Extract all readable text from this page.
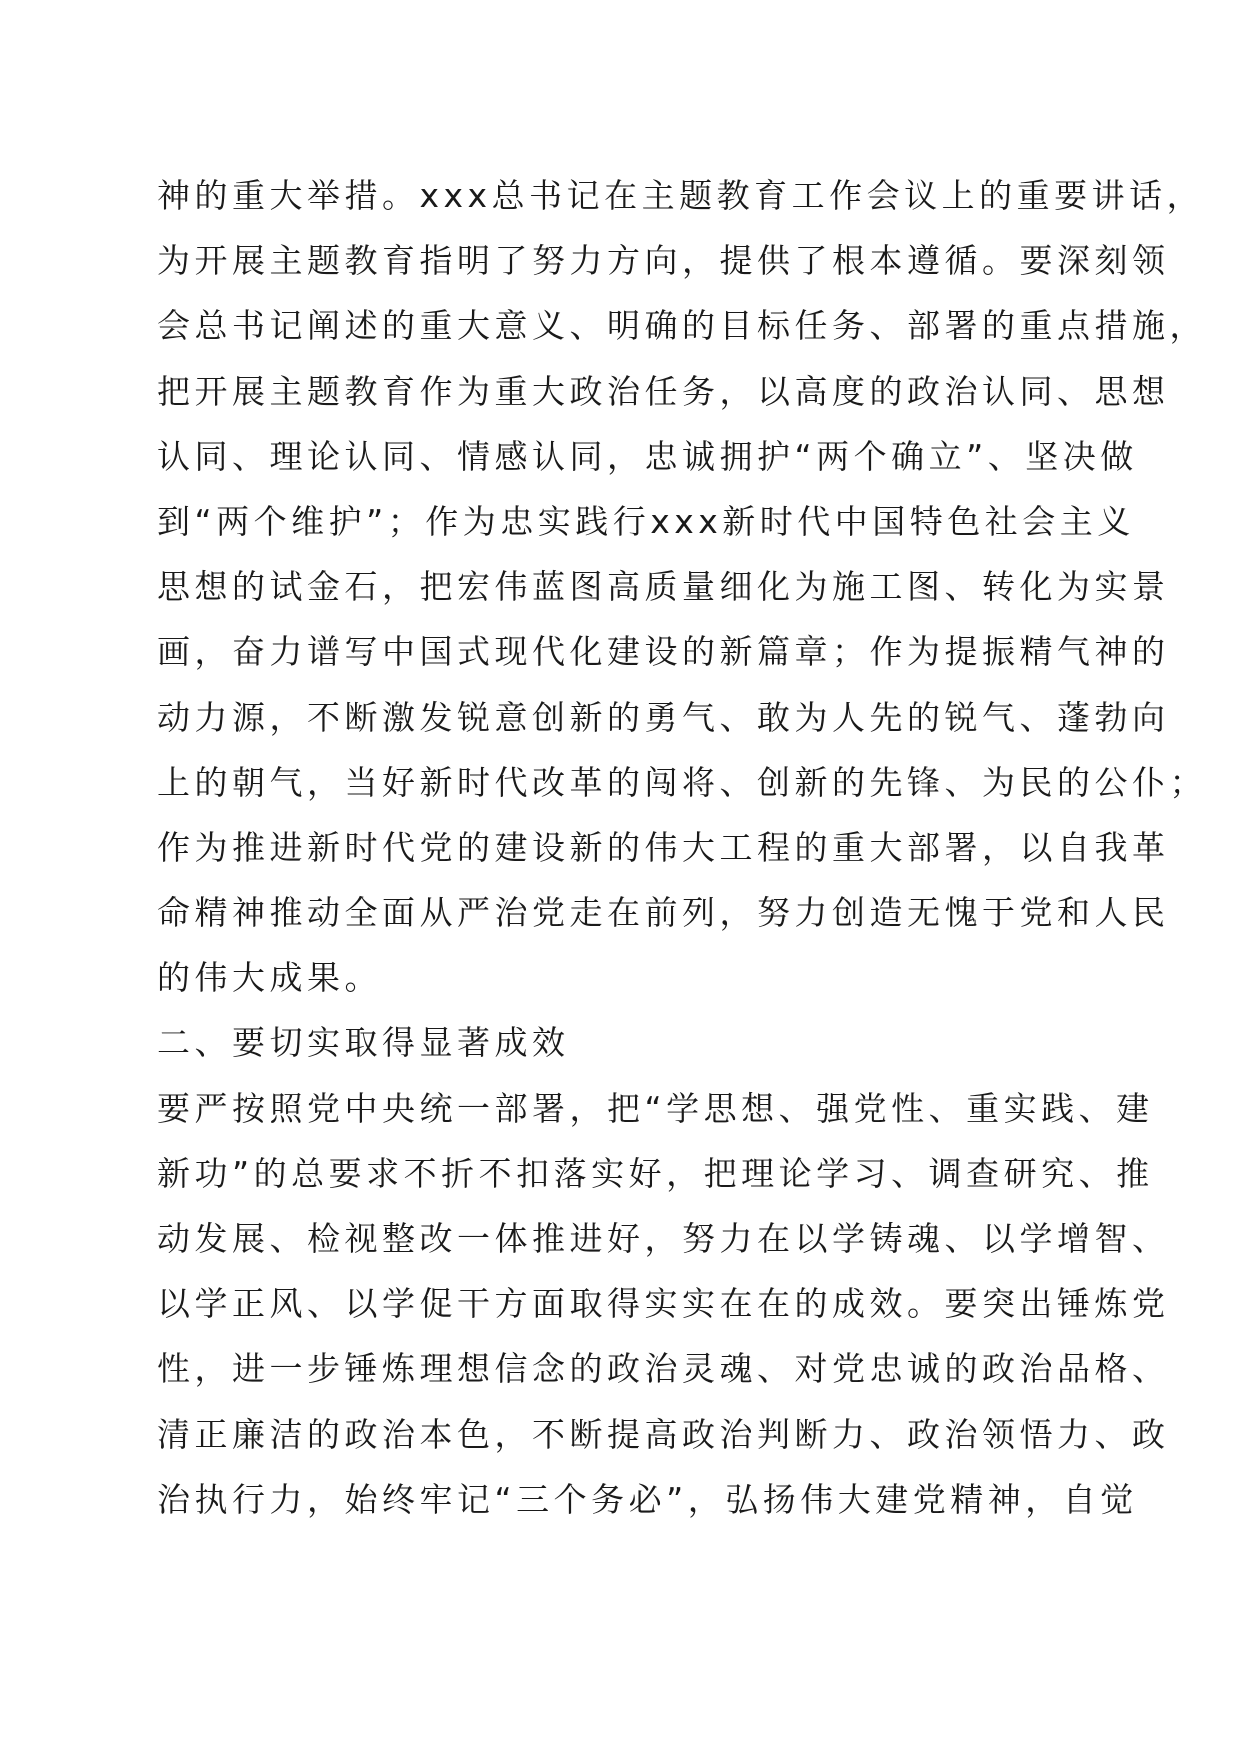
神的重大举措。xxx总书记在主题教育工作会议上的重要讲话，
为开展主题教育指明了努力方向，提供了根本遵循。要深刻领
会总书记阐述的重大意义、明确的目标任务、部署的重点措施，
把开展主题教育作为重大政治任务，以高度的政治认同、思想
认同、理论认同、情感认同，忠诚拥护“两个确立”、坚决做
到“两个维护”；作为忠实践行xxx新时代中国特色社会主义
思想的试金石，把宏伟蓝图高质量细化为施工图、转化为实景
画，奋力谱写中国式现代化建设的新篇章；作为提振精气神的
动力源，不断激发锐意创新的勇气、敢为人先的锐气、蓬勃向
上的朝气，当好新时代改革的闯将、创新的先锋、为民的公仆；
作为推进新时代党的建设新的伟大工程的重大部署，以自我革
命精神推动全面从严治党走在前列，努力创造无愧于党和人民
的伟大成果。
二、要切实取得显著成效
要严按照党中央统一部署，把“学思想、强党性、重实践、建
新功”的总要求不折不扣落实好，把理论学习、调查研究、推
动发展、检视整改一体推进好，努力在以学铸魂、以学增智、
以学正风、以学促干方面取得实实在在的成效。要突出锤炼党
性，进一步锤炼理想信念的政治灵魂、对党忠诚的政治品格、
清正廉洁的政治本色，不断提高政治判断力、政治领悟力、政
治执行力，始终牢记“三个务必”，弘扬伟大建党精神，自觉
